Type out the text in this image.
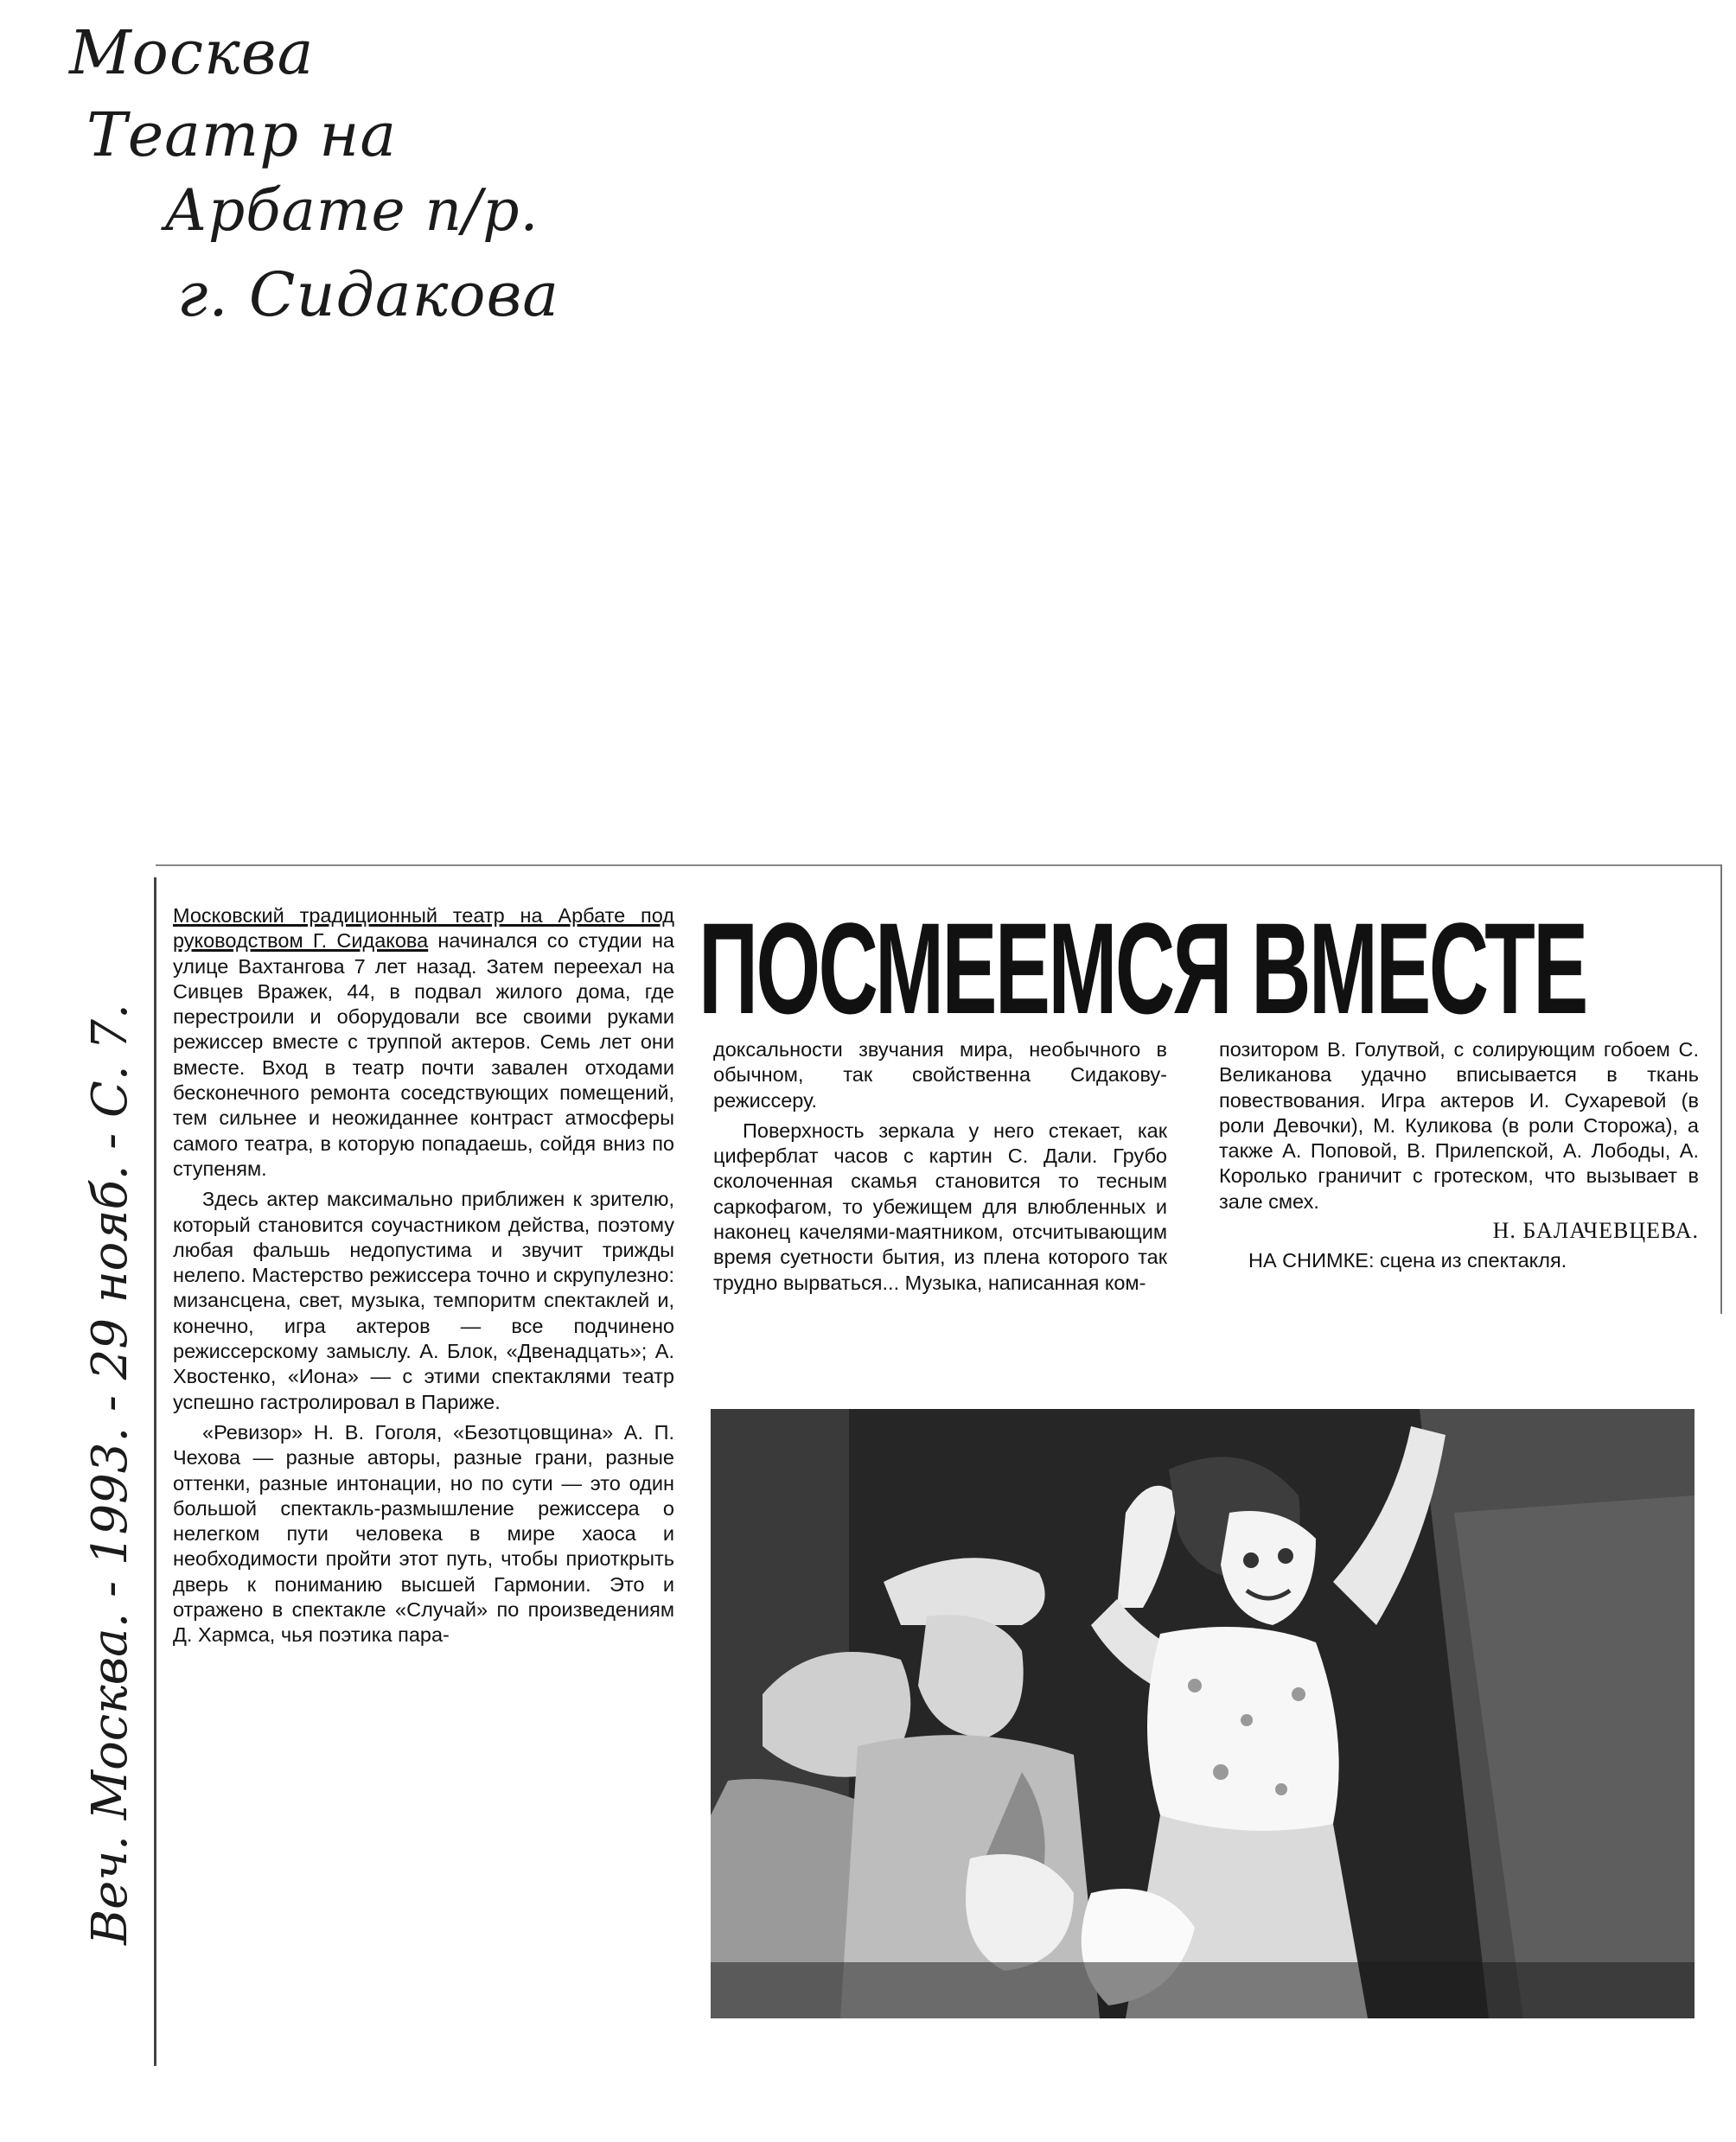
Москва
Театр на
Арбате п/р.
г. Сидакова
Веч. Москва. - 1993. - 29 нояб. - С. 7.

Московский традиционный театр на Арбате под руководством Г. Сидакова начинался со студии на улице Вахтангова 7 лет назад. Затем переехал на Сивцев Вражек, 44, в подвал жилого дома, где перестроили и оборудовали все своими руками режиссер вместе с труппой актеров. Семь лет они вместе. Вход в театр почти завален отходами бесконечного ремонта соседствующих помещений, тем сильнее и неожиданнее контраст атмосферы самого театра, в которую попадаешь, сойдя вниз по ступеням.

Здесь актер максимально приближен к зрителю, который становится соучастником действа, поэтому любая фальшь недопустима и звучит трижды нелепо. Мастерство режиссера точно и скрупулезно: мизансцена, свет, музыка, темпоритм спектаклей и, конечно, игра актеров — все подчинено режиссерскому замыслу. А. Блок, «Двенадцать»; А. Хвостенко, «Иона» — с этими спектаклями театр успешно гастролировал в Париже.

«Ревизор» Н. В. Гоголя, «Безотцовщина» А. П. Чехова — разные авторы, разные грани, разные оттенки, разные интонации, но по сути — это один большой спектакль-размышление режиссера о нелегком пути человека в мире хаоса и необходимости пройти этот путь, чтобы приоткрыть дверь к пониманию высшей Гармонии. Это и отражено в спектакле «Случай» по произведениям Д. Хармса, чья поэтика пара-

ПОСМЕЕМСЯ ВМЕСТЕ

доксальности звучания мира, необычного в обычном, так свойственна Сидакову-режиссеру.

Поверхность зеркала у него стекает, как циферблат часов с картин С. Дали. Грубо сколоченная скамья становится то тесным саркофагом, то убежищем для влюбленных и наконец качелями-маятником, отсчитывающим время суетности бытия, из плена которого так трудно вырваться... Музыка, написанная ком-

позитором В. Голутвой, с солирующим гобоем С. Великанова удачно вписывается в ткань повествования. Игра актеров И. Сухаревой (в роли Девочки), М. Куликова (в роли Сторожа), а также А. Поповой, В. Прилепской, А. Лободы, А. Королько граничит с гротеском, что вызывает в зале смех.

Н. БАЛАЧЕВЦЕВА.

НА СНИМКЕ: сцена из спектакля.
